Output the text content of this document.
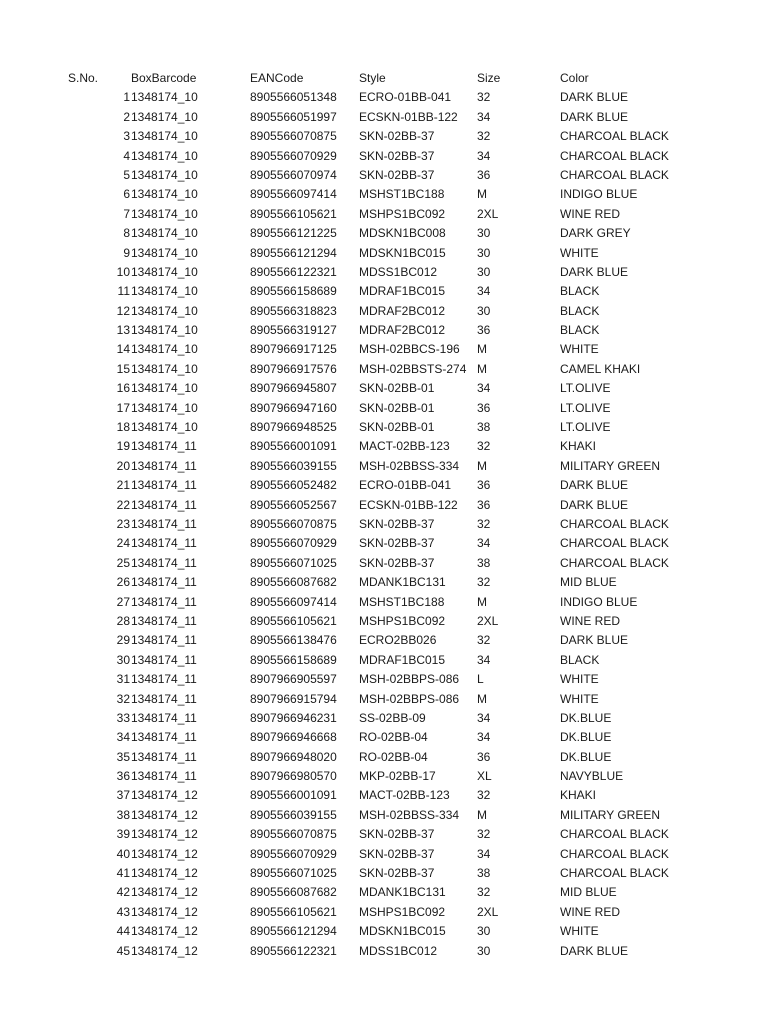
S.No.	BoxBarcode	EANCode	Style	Size	Color
1 1348174_10	8905566051348 ECRO-01BB-041 32	DARK BLUE
2 1348174_10	8905566051997 ECSKN-01BB-122 34	DARK BLUE
3 1348174_10	8905566070875 SKN-02BB-37	32	CHARCOAL BLACK
4 1348174_10	8905566070929 SKN-02BB-37	34	CHARCOAL BLACK
5 1348174_10	8905566070974 SKN-02BB-37	36	CHARCOAL BLACK
6 1348174_10	8905566097414 MSHST1BC188	M	INDIGO BLUE
7 1348174_10	8905566105621 MSHPS1BC092	2XL	WINE RED
8 1348174_10	8905566121225 MDSKN1BC008	30	DARK GREY
9 1348174_10	8905566121294 MDSKN1BC015	30	WHITE
10 1348174_10	8905566122321 MDSS1BC012	30	DARK BLUE
11 1348174_10	8905566158689 MDRAF1BC015	34	BLACK
12 1348174_10	8905566318823 MDRAF2BC012	30	BLACK
13 1348174_10	8905566319127 MDRAF2BC012	36	BLACK
14 1348174_10	8907966917125 MSH-02BBCS-196 M	WHITE
15 1348174_10	8907966917576 MSH-02BBSTS-274 M	CAMEL KHAKI
16 1348174_10	8907966945807 SKN-02BB-01	34	LT.OLIVE
17 1348174_10	8907966947160 SKN-02BB-01	36	LT.OLIVE
18 1348174_10	8907966948525 SKN-02BB-01	38	LT.OLIVE
19 1348174_11	8905566001091 MACT-02BB-123 32	KHAKI
20 1348174_11	8905566039155 MSH-02BBSS-334 M	MILITARY GREEN
21 1348174_11	8905566052482 ECRO-01BB-041 36	DARK BLUE
22 1348174_11	8905566052567 ECSKN-01BB-122 36	DARK BLUE
23 1348174_11	8905566070875 SKN-02BB-37	32	CHARCOAL BLACK
24 1348174_11	8905566070929 SKN-02BB-37	34	CHARCOAL BLACK
25 1348174_11	8905566071025 SKN-02BB-37	38	CHARCOAL BLACK
26 1348174_11	8905566087682 MDANK1BC131	32	MID BLUE
27 1348174_11	8905566097414 MSHST1BC188	M	INDIGO BLUE
28 1348174_11	8905566105621 MSHPS1BC092	2XL	WINE RED
29 1348174_11	8905566138476 ECRO2BB026	32	DARK BLUE
30 1348174_11	8905566158689 MDRAF1BC015	34	BLACK
31 1348174_11	8907966905597 MSH-02BBPS-086 L	WHITE
32 1348174_11	8907966915794 MSH-02BBPS-086 M	WHITE
33 1348174_11	8907966946231 SS-02BB-09	34	DK.BLUE
34 1348174_11	8907966946668 RO-02BB-04	34	DK.BLUE
35 1348174_11	8907966948020 RO-02BB-04	36	DK.BLUE
36 1348174_11	8907966980570 MKP-02BB-17	XL	NAVYBLUE
37 1348174_12	8905566001091 MACT-02BB-123 32	KHAKI
38 1348174_12	8905566039155 MSH-02BBSS-334 M	MILITARY GREEN
39 1348174_12	8905566070875 SKN-02BB-37	32	CHARCOAL BLACK
40 1348174_12	8905566070929 SKN-02BB-37	34	CHARCOAL BLACK
41 1348174_12	8905566071025 SKN-02BB-37	38	CHARCOAL BLACK
42 1348174_12	8905566087682 MDANK1BC131	32	MID BLUE
43 1348174_12	8905566105621 MSHPS1BC092	2XL	WINE RED
44 1348174_12	8905566121294 MDSKN1BC015	30	WHITE
45 1348174_12	8905566122321 MDSS1BC012	30	DARK BLUE
